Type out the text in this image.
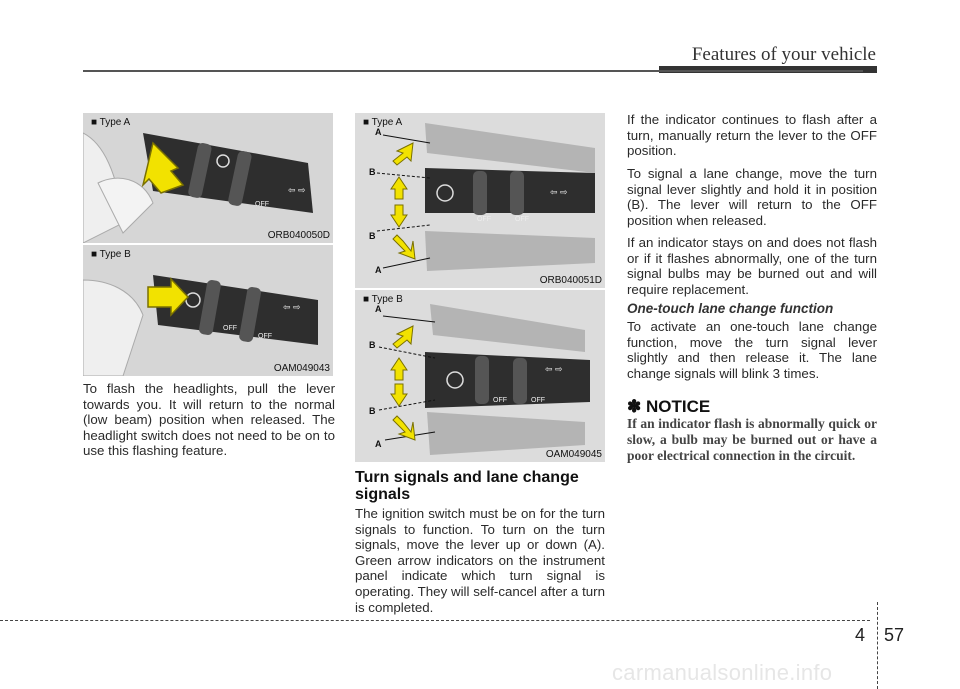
Features of your vehicle
OFF
⇦ ⇨
■ Type A
ORB040050D
OFF
OFF
⇦ ⇨
■ Type B
OAM049043

To flash the headlights, pull the lever towards you. It will return to the normal (low beam) position when released. The headlight switch does not need to be on to use this flashing feature.

OFF	OFF
⇦ ⇨
A
B
B
A
■ Type A
ORB040051D
OFF	OFF
⇦ ⇨
A
B
B
A
■ Type B
OAM049045
Turn signals and lane change signals

The ignition switch must be on for the turn signals to function. To turn on the turn signals, move the lever up or down (A). Green arrow indicators on the instrument panel indicate which turn signal is operating. They will self-cancel after a turn is completed.

If the indicator continues to flash after a turn, manually return the lever to the OFF position.

To signal a lane change, move the turn signal lever slightly and hold it in position (B). The lever will return to the OFF position when released.

If an indicator stays on and does not flash or if it flashes abnormally, one of the turn signal bulbs may be burned out and will require replacement.

One-touch lane change function

To activate an one-touch lane change function, move the turn signal lever slightly and then release it. The lane change signals will blink 3 times.

✽ NOTICE

If an indicator flash is abnormally quick or slow, a bulb may be burned out or have a poor electrical connection in the circuit.

4 57
carmanualsonline.info
